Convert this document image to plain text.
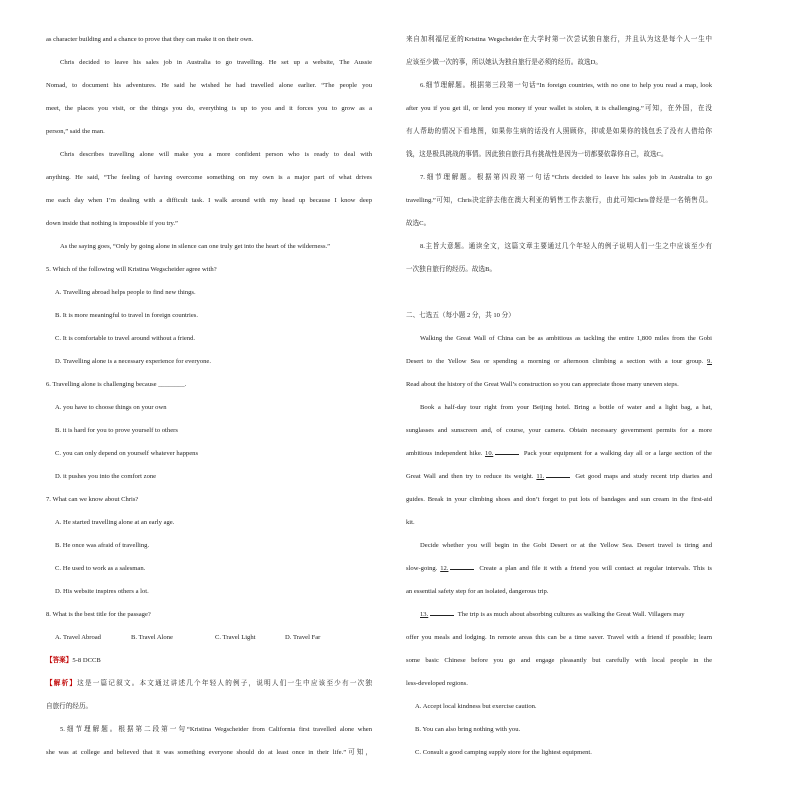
as character building and a chance to prove that they can make it on their own.
Chris decided to leave his sales job in Australia to go travelling. He set up a website, The Aussie
Nomad, to document his adventures. He said he wished he had travelled alone earlier. “The people you
meet, the places you visit, or the things you do, everything is up to you and it forces you to grow as a
person,” said the man.
Chris describes travelling alone will make you a more confident person who is ready to deal with
anything. He said, “The feeling of having overcome something on my own is a major part of what drives
me each day when I’m dealing with a difficult task. I walk around with my head up because I know deep
down inside that nothing is impossible if you try.”
As the saying goes, “Only by going alone in silence can one truly get into the heart of the wilderness.”
5. Which of the following will Kristina Wegscheider agree with?
A. Travelling abroad helps people to find new things.
B. It is more meaningful to travel in foreign countries.
C. It is comfortable to travel around without a friend.
D. Travelling alone is a necessary experience for everyone.
6. Travelling alone is challenging because ________.
A. you have to choose things on your own
B. it is hard for you to prove yourself to others
C. you can only depend on yourself whatever happens
D. it pushes you into the comfort zone
7. What can we know about Chris?
A. He started travelling alone at an early age.
B. He once was afraid of travelling.
C. He used to work as a salesman.
D. His website inspires others a lot.
8. What is the best title for the passage?
A. Travel Abroad	B. Travel Alone	C. Travel Light	D. Travel Far
【答案】5-8 DCCB
【解析】这是一篇记叙文。本文通过讲述几个年轻人的例子，说明人们一生中应该至少有一次独
自旅行的经历。
5.细节理解题。根据第二段第一句“Kristina Wegscheider from California first travelled alone when
she was at college and believed that it was something everyone should do at least once in their life.”可知，
来自加利福尼亚的Kristina Wegscheider在大学时第一次尝试独自旅行，并且认为这是每个人一生中
应该至少做一次的事，所以她认为独自旅行是必须的经历。故选D。
6.细节理解题。根据第三段第一句话“In foreign countries, with no one to help you read a map, look
after you if you get ill, or lend you money if your wallet is stolen, it is challenging.”可知，在外国，在没
有人帮助的情况下看地图，如果你生病的话没有人照顾你，抑或是如果你的钱包丢了没有人借给你
钱，这是极具挑战的事情。因此独自旅行具有挑战性是因为一切都要依靠你自己，故选C。
7.细节理解题。根据第四段第一句话“Chris decided to leave his sales job in Australia to go
travelling.”可知，Chris决定辞去他在澳大利亚的销售工作去旅行，由此可知Chris曾经是一名销售员。
故选C。
8.主旨大意题。通读全文，这篇文章主要通过几个年轻人的例子说明人们一生之中应该至少有
一次独自旅行的经历。故选B。
二、七选五（每小题 2 分，共 10 分）
Walking the Great Wall of China can be as ambitious as tackling the entire 1,800 miles from the Gobi
Desert to the Yellow Sea or spending a morning or afternoon climbing a section with a tour group. 9.
Read about the history of the Great Wall’s construction so you can appreciate those many uneven steps.
Book a half-day tour right from your Beijing hotel. Bring a bottle of water and a light bag, a hat,
sunglasses and sunscreen and, of course, your camera. Obtain necessary government permits for a more
ambitious independent hike. 10.	Pack your equipment for a walking day all or a large section of the
Great Wall and then try to reduce its weight. 11.	Get good maps and study recent trip diaries and
guides. Break in your climbing shoes and don’t forget to put lots of bandages and sun cream in the first-aid
kit.
Decide whether you will begin in the Gobi Desert or at the Yellow Sea. Desert travel is tiring and
slow-going. 12.	Create a plan and file it with a friend you will contact at regular intervals. This is
an essential safety step for an isolated, dangerous trip.
13.	The trip is as much about absorbing cultures as walking the Great Wall. Villagers may
offer you meals and lodging. In remote areas this can be a time saver. Travel with a friend if possible; learn
some basic Chinese before you go and engage pleasantly but carefully with local people in the
less-developed regions.
A. Accept local kindness but exercise caution.
B. You can also bring nothing with you.
C. Consult a good camping supply store for the lightest equipment.
